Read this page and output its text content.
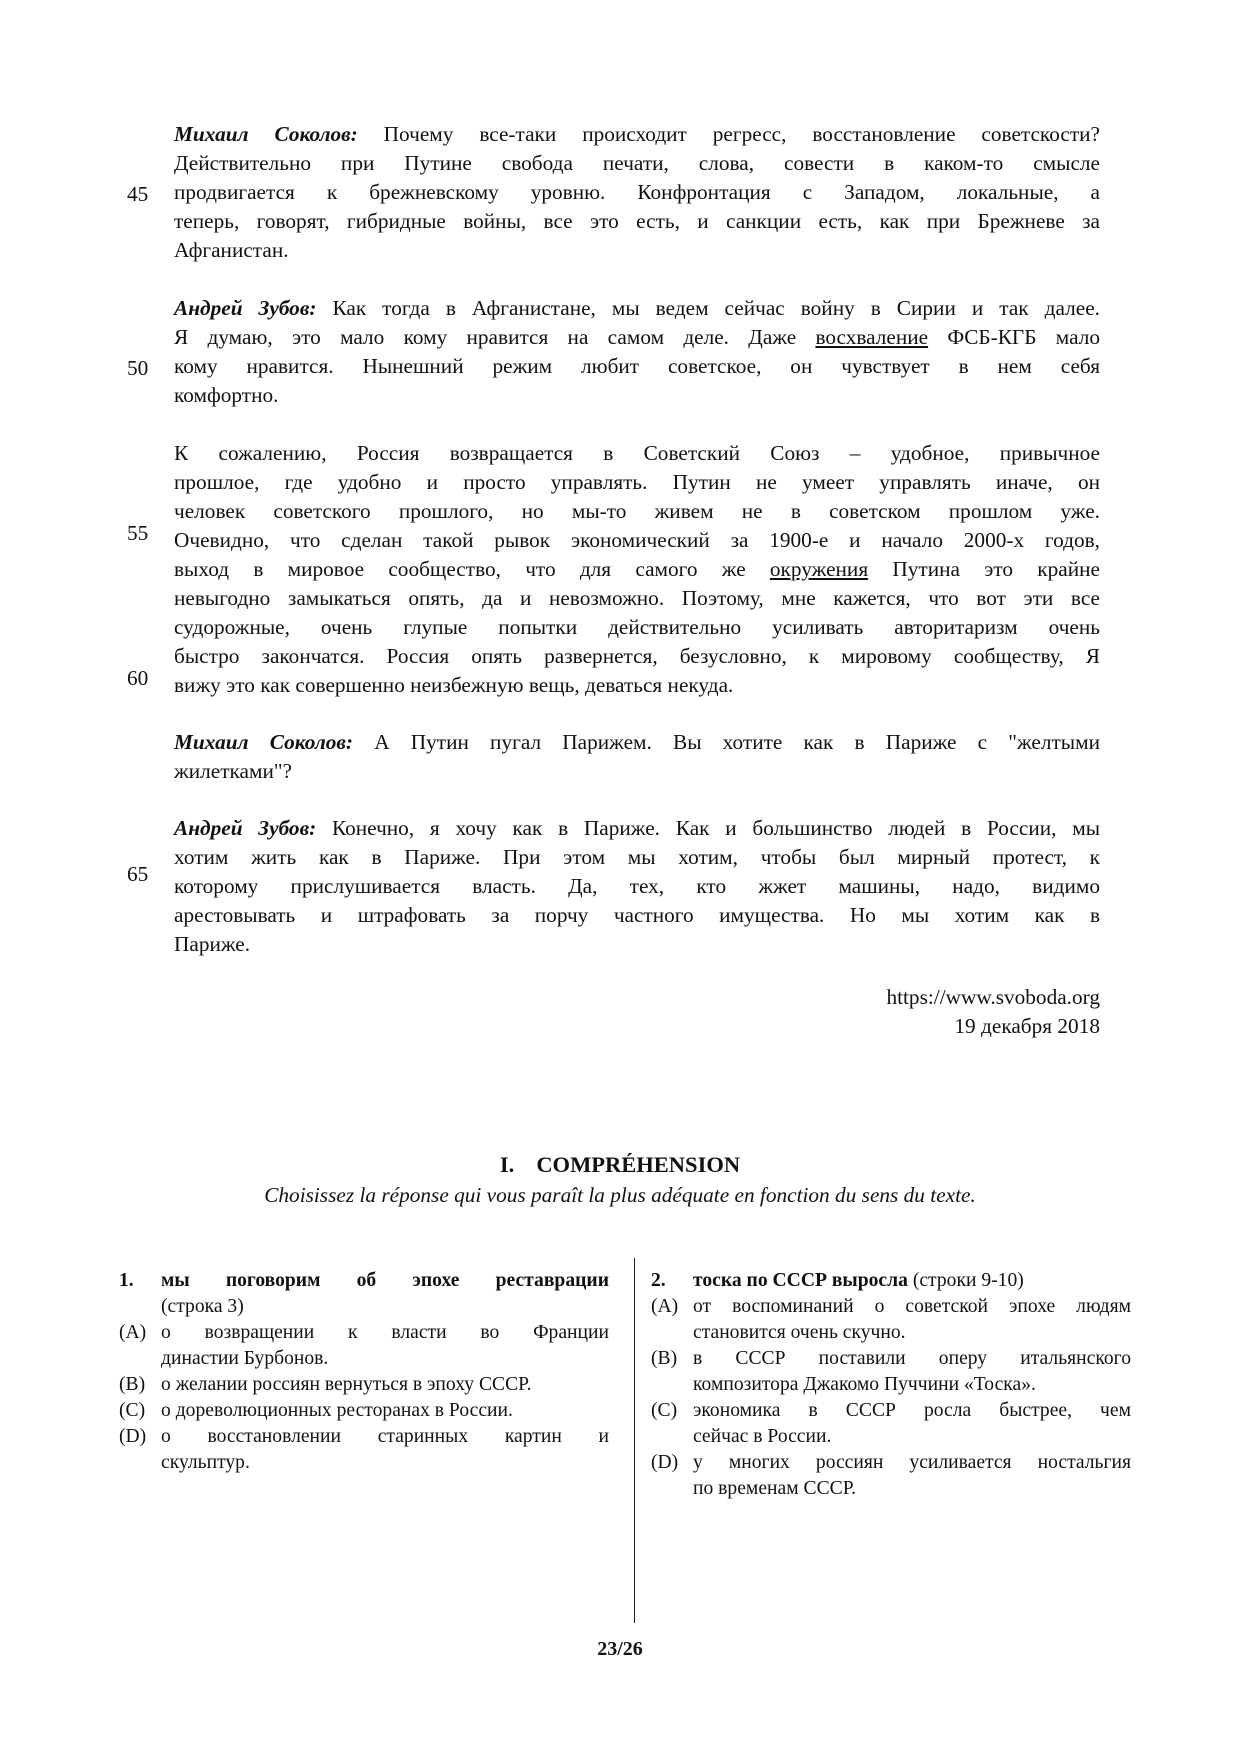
45
50
55
60
65
Михаил Соколов: Почему все-таки происходит регресс, восстановление советскости?
Действительно при Путине свобода печати, слова, совести в каком-то смысле
продвигается к брежневскому уровню. Конфронтация с Западом, локальные, а
теперь, говорят, гибридные войны, все это есть, и санкции есть, как при Брежневе за
Афганистан.
Андрей Зубов: Как тогда в Афганистане, мы ведем сейчас войну в Сирии и так далее.
Я думаю, это мало кому нравится на самом деле. Даже восхваление ФСБ-КГБ мало
кому нравится. Нынешний режим любит советское, он чувствует в нем себя
комфортно.
К сожалению, Россия возвращается в Советский Союз – удобное, привычное
прошлое, где удобно и просто управлять. Путин не умеет управлять иначе, он
человек советского прошлого, но мы-то живем не в советском прошлом уже.
Очевидно, что сделан такой рывок экономический за 1900-е и начало 2000-х годов,
выход в мировое сообщество, что для самого же окружения Путина это крайне
невыгодно замыкаться опять, да и невозможно. Поэтому, мне кажется, что вот эти все
судорожные, очень глупые попытки действительно усиливать авторитаризм очень
быстро закончатся. Россия опять развернется, безусловно, к мировому сообществу, Я
вижу это как совершенно неизбежную вещь, деваться некуда.
Михаил Соколов: А Путин пугал Парижем. Вы хотите как в Париже с "желтыми
жилетками"?
Андрей Зубов: Конечно, я хочу как в Париже. Как и большинство людей в России, мы
хотим жить как в Париже. При этом мы хотим, чтобы был мирный протест, к
которому прислушивается власть. Да, тех, кто жжет машины, надо, видимо
арестовывать и штрафовать за порчу частного имущества. Но мы хотим как в
Париже.
https://www.svoboda.org
19 декабря 2018
I. COMPRÉHENSION
Choisissez la réponse qui vous paraît la plus adéquate en fonction du sens du texte.
1. мы поговорим об эпохе реставрации
(строка 3)
(A) о возвращении к власти во Франции
династии Бурбонов.
(B) о желании россиян вернуться в эпоху СССР.
(C) о дореволюционных ресторанах в России.
(D) о восстановлении старинных картин и
скульптур.
2. тоска по СССР выросла (строки 9-10)
(A) от воспоминаний о советской эпохе людям
становится очень скучно.
(B) в СССР поставили оперу итальянского
композитора Джакомо Пуччини «Тоска».
(C) экономика в СССР росла быстрее, чем
сейчас в России.
(D) у многих россиян усиливается ностальгия
по временам СССР.
23/26
